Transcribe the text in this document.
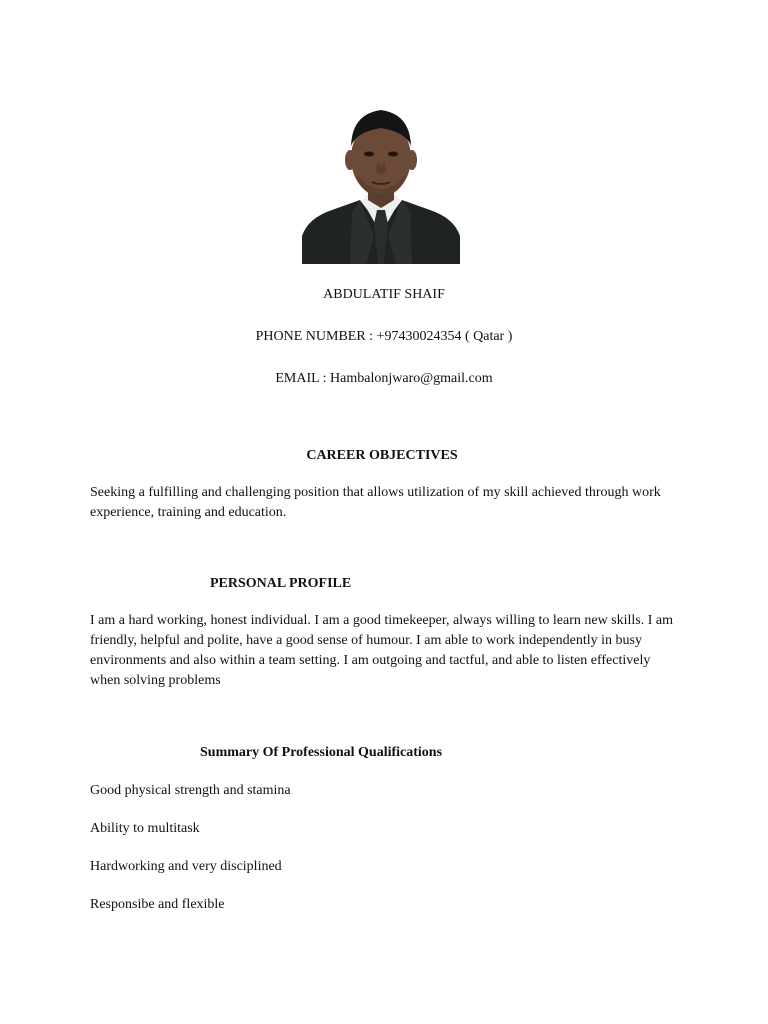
ABDULATIF SHAIF
PHONE NUMBER : +97430024354 ( Qatar )
EMAIL : Hambalonjwaro@gmail.com
CAREER OBJECTIVES
Seeking a fulfilling and challenging position that allows utilization of my skill achieved through work experience, training and education.
PERSONAL PROFILE
I am a hard working, honest individual. I am a good timekeeper, always willing to learn new skills. I am friendly, helpful and polite, have a good sense of humour. I am able to work independently in busy environments and also within a team setting. I am outgoing and tactful, and able to listen effectively when solving problems
Summary Of Professional Qualifications
Good physical strength and stamina
Ability to multitask
Hardworking and very disciplined
Responsibe and flexible
